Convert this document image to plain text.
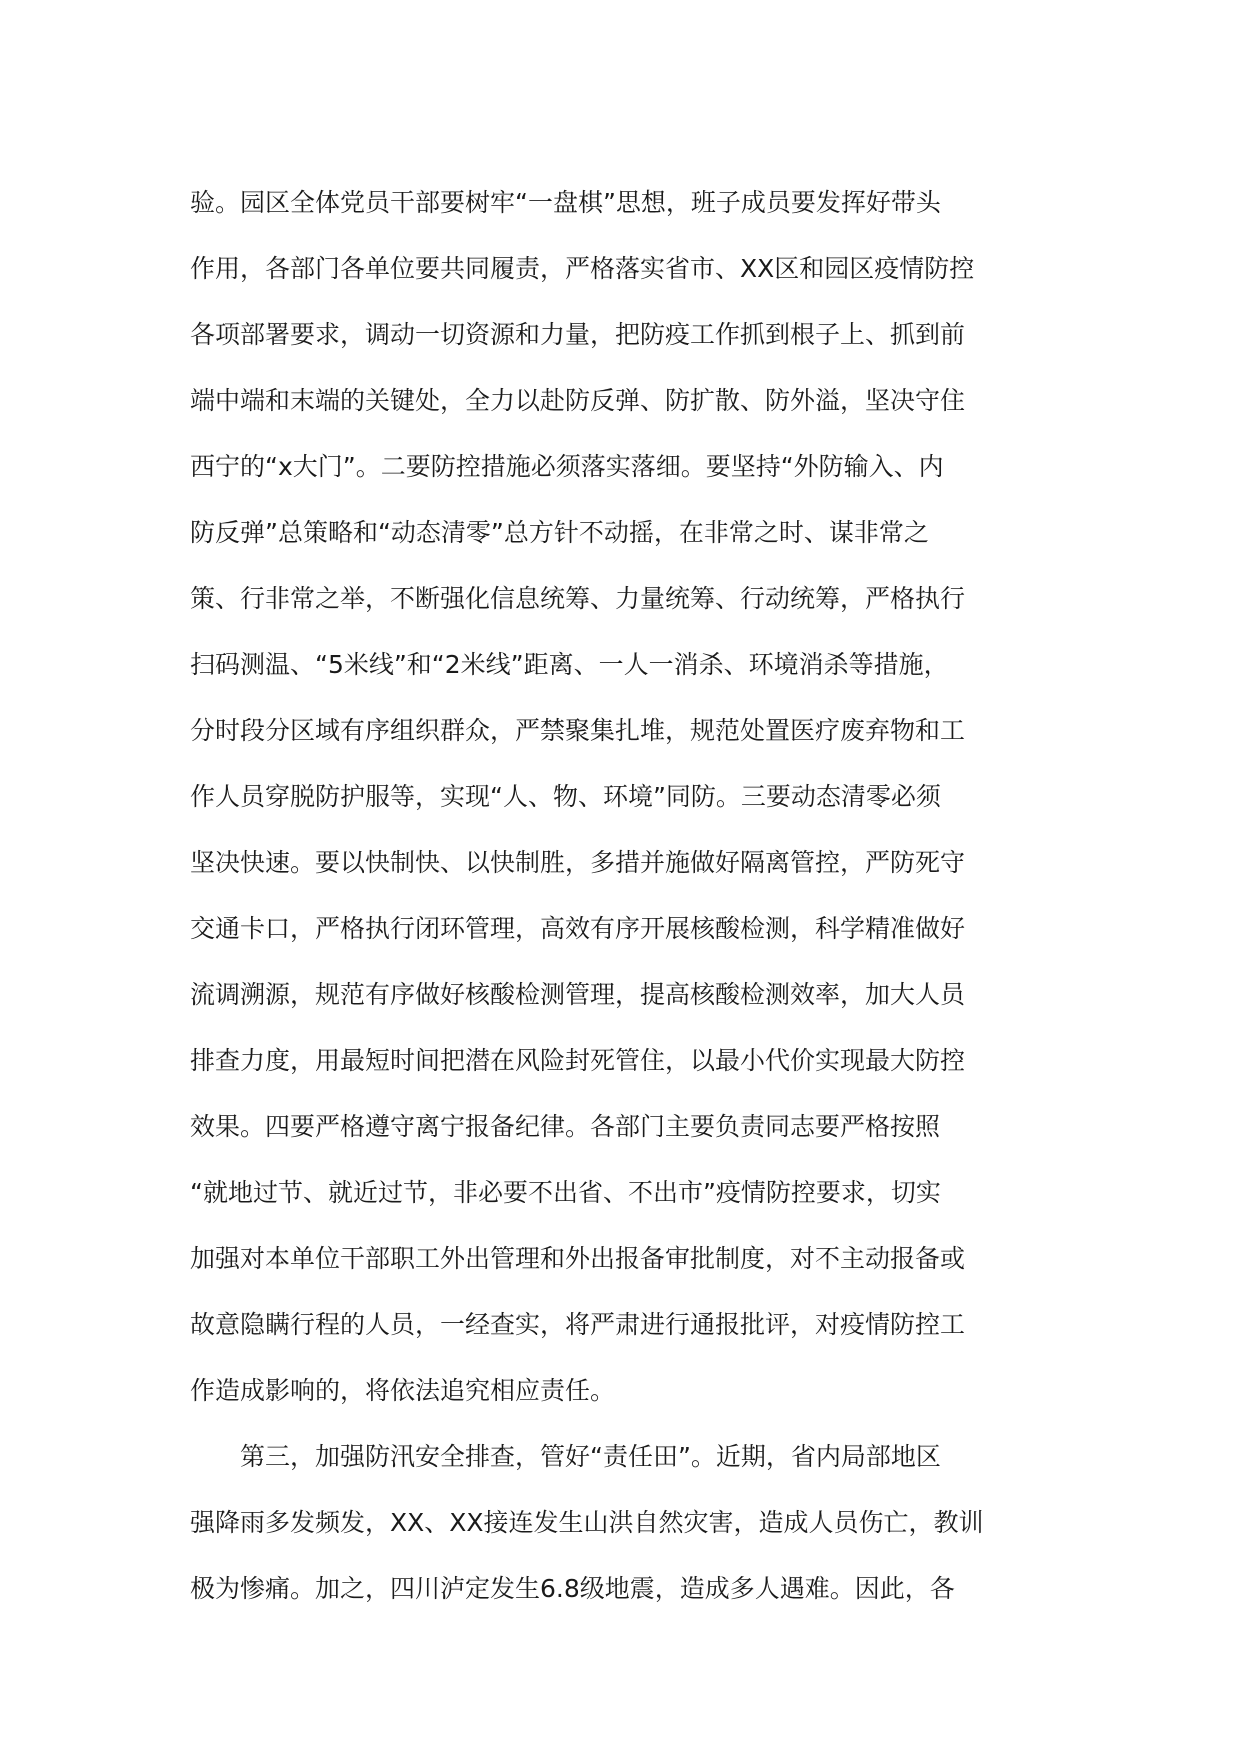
验。园区全体党员干部要树牢“一盘棋”思想，班子成员要发挥好带头
作用，各部门各单位要共同履责，严格落实省市、XX区和园区疫情防控
各项部署要求，调动一切资源和力量，把防疫工作抓到根子上、抓到前
端中端和末端的关键处，全力以赴防反弹、防扩散、防外溢，坚决守住
西宁的“x大门”。二要防控措施必须落实落细。要坚持“外防输入、内
防反弹”总策略和“动态清零”总方针不动摇，在非常之时、谋非常之
策、行非常之举，不断强化信息统筹、力量统筹、行动统筹，严格执行
扫码测温、“5米线”和“2米线”距离、一人一消杀、环境消杀等措施，
分时段分区域有序组织群众，严禁聚集扎堆，规范处置医疗废弃物和工
作人员穿脱防护服等，实现“人、物、环境”同防。三要动态清零必须
坚决快速。要以快制快、以快制胜，多措并施做好隔离管控，严防死守
交通卡口，严格执行闭环管理，高效有序开展核酸检测，科学精准做好
流调溯源，规范有序做好核酸检测管理，提高核酸检测效率，加大人员
排查力度，用最短时间把潜在风险封死管住，以最小代价实现最大防控
效果。四要严格遵守离宁报备纪律。各部门主要负责同志要严格按照
“就地过节、就近过节，非必要不出省、不出市”疫情防控要求，切实
加强对本单位干部职工外出管理和外出报备审批制度，对不主动报备或
故意隐瞒行程的人员，一经查实，将严肃进行通报批评，对疫情防控工
作造成影响的，将依法追究相应责任。
第三，加强防汛安全排查，管好“责任田”。近期，省内局部地区
强降雨多发频发，XX、XX接连发生山洪自然灾害，造成人员伤亡，教训
极为惨痛。加之，四川泸定发生6.8级地震，造成多人遇难。因此，各
